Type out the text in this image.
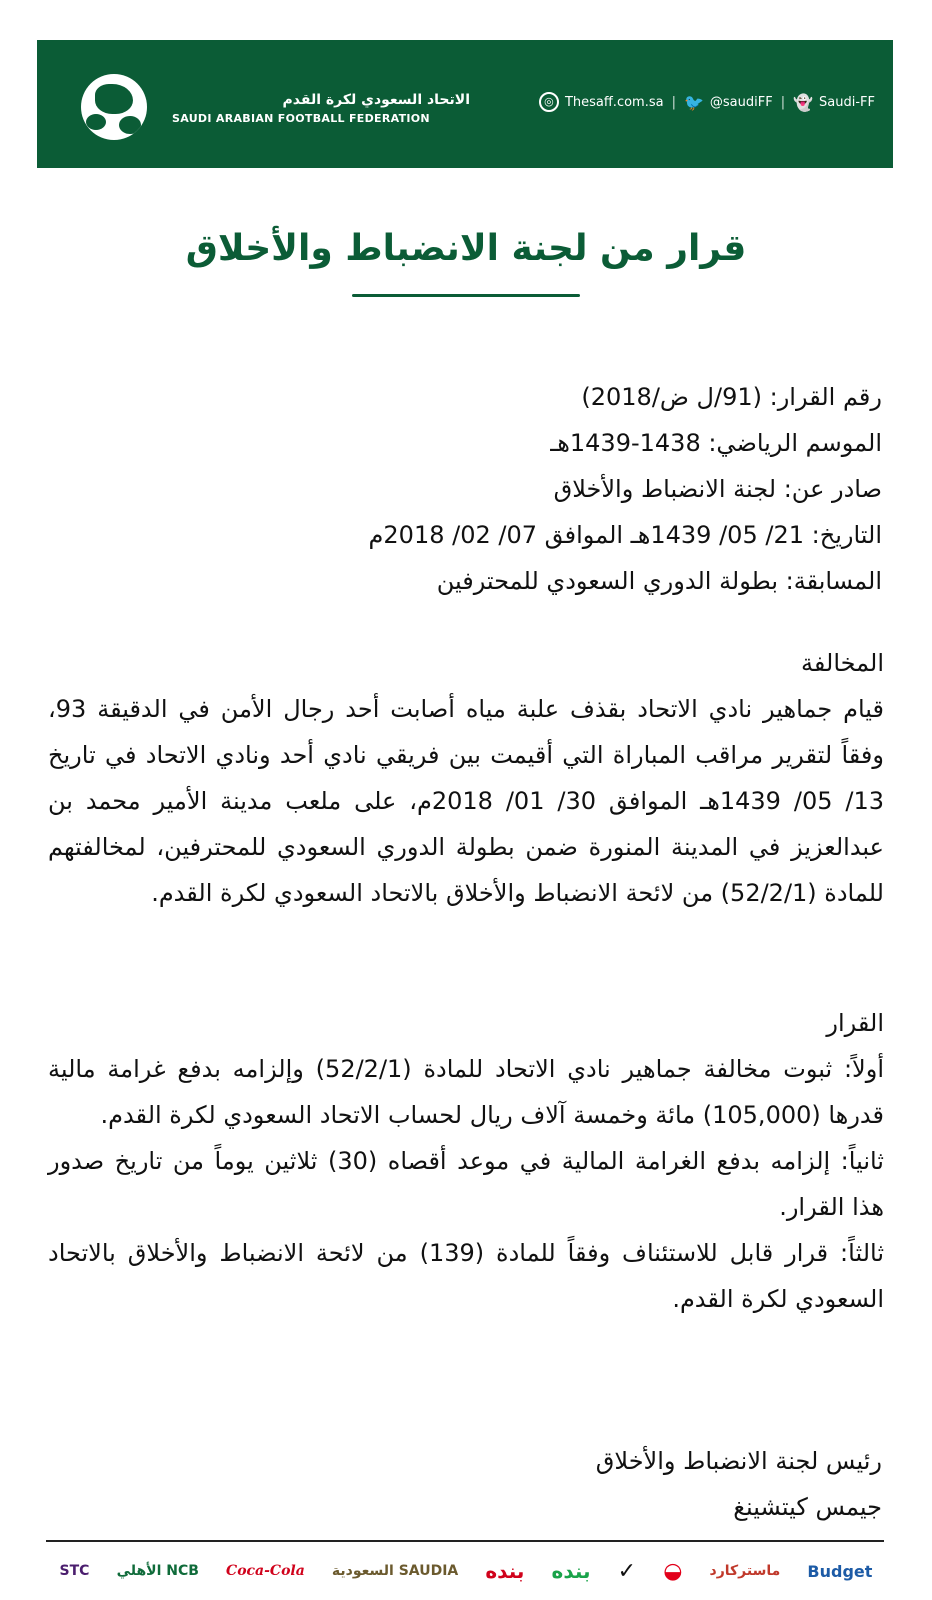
الاتحاد السعودي لكرة القدم
SAUDI ARABIAN FOOTBALL FEDERATION
◎ Thesaff.com.sa | 🐦 @saudiFF | 👻 Saudi-FF
قرار من لجنة الانضباط والأخلاق
رقم القرار: (91/ل ض/2018)
الموسم الرياضي: 1438-1439هـ
صادر عن: لجنة الانضباط والأخلاق
التاريخ: 21/ 05/ 1439هـ الموافق 07/ 02/ 2018م
المسابقة: بطولة الدوري السعودي للمحترفين
المخالفة
قيام جماهير نادي الاتحاد بقذف علبة مياه أصابت أحد رجال الأمن في الدقيقة 93، وفقاً لتقرير مراقب المباراة التي أقيمت بين فريقي نادي أحد ونادي الاتحاد في تاريخ 13/ 05/ 1439هـ الموافق 30/ 01/ 2018م، على ملعب مدينة الأمير محمد بن عبدالعزيز في المدينة المنورة ضمن بطولة الدوري السعودي للمحترفين، لمخالفتهم للمادة (52/2/1) من لائحة الانضباط والأخلاق بالاتحاد السعودي لكرة القدم.
القرار
أولاً: ثبوت مخالفة جماهير نادي الاتحاد للمادة (52/2/1) وإلزامه بدفع غرامة مالية قدرها (105,000) مائة وخمسة آلاف ريال لحساب الاتحاد السعودي لكرة القدم.
ثانياً: إلزامه بدفع الغرامة المالية في موعد أقصاه (30) ثلاثين يوماً من تاريخ صدور هذا القرار.
ثالثاً: قرار قابل للاستئناف وفقاً للمادة (139) من لائحة الانضباط والأخلاق بالاتحاد السعودي لكرة القدم.
رئيس لجنة الانضباط والأخلاق
جيمس كيتشينغ
STC الأهلي NCB Coca-Cola السعودية SAUDIA بنده بنده ✓ ◒ ماستركارد Budget
